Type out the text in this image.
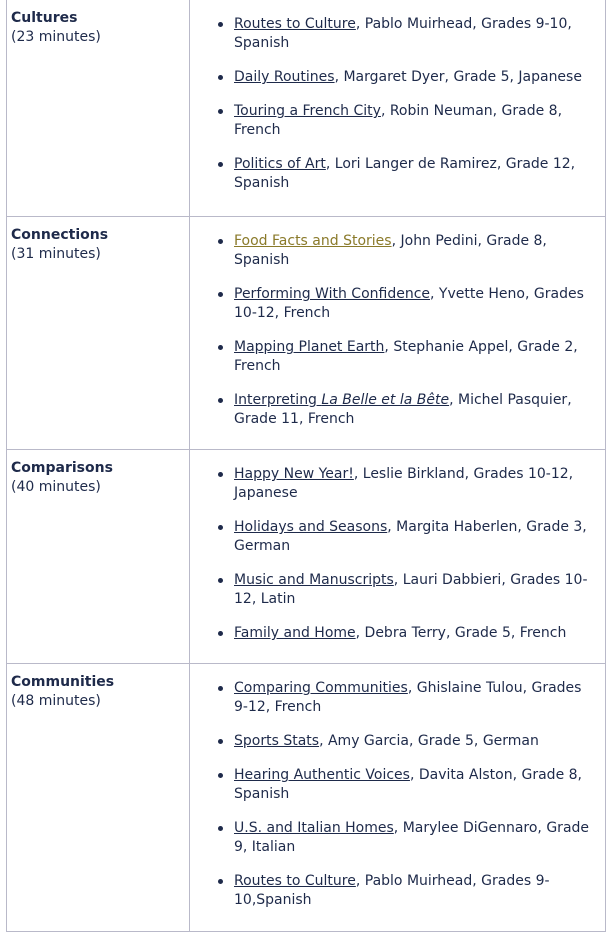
Cultures
(23 minutes)
Routes to Culture, Pablo Muirhead, Grades 9-10, Spanish
Daily Routines, Margaret Dyer, Grade 5, Japanese
Touring a French City, Robin Neuman, Grade 8, French
Politics of Art, Lori Langer de Ramirez, Grade 12, Spanish
Connections
(31 minutes)
Food Facts and Stories, John Pedini, Grade 8, Spanish
Performing With Confidence, Yvette Heno, Grades 10-12, French
Mapping Planet Earth, Stephanie Appel, Grade 2, French
Interpreting La Belle et la Bête, Michel Pasquier, Grade 11, French
Comparisons
(40 minutes)
Happy New Year!, Leslie Birkland, Grades 10-12, Japanese
Holidays and Seasons, Margita Haberlen, Grade 3, German
Music and Manuscripts, Lauri Dabbieri, Grades 10-12, Latin
Family and Home, Debra Terry, Grade 5, French
Communities
(48 minutes)
Comparing Communities, Ghislaine Tulou, Grades 9-12, French
Sports Stats, Amy Garcia, Grade 5, German
Hearing Authentic Voices, Davita Alston, Grade 8, Spanish
U.S. and Italian Homes, Marylee DiGennaro, Grade 9, Italian
Routes to Culture, Pablo Muirhead, Grades 9-10,Spanish
